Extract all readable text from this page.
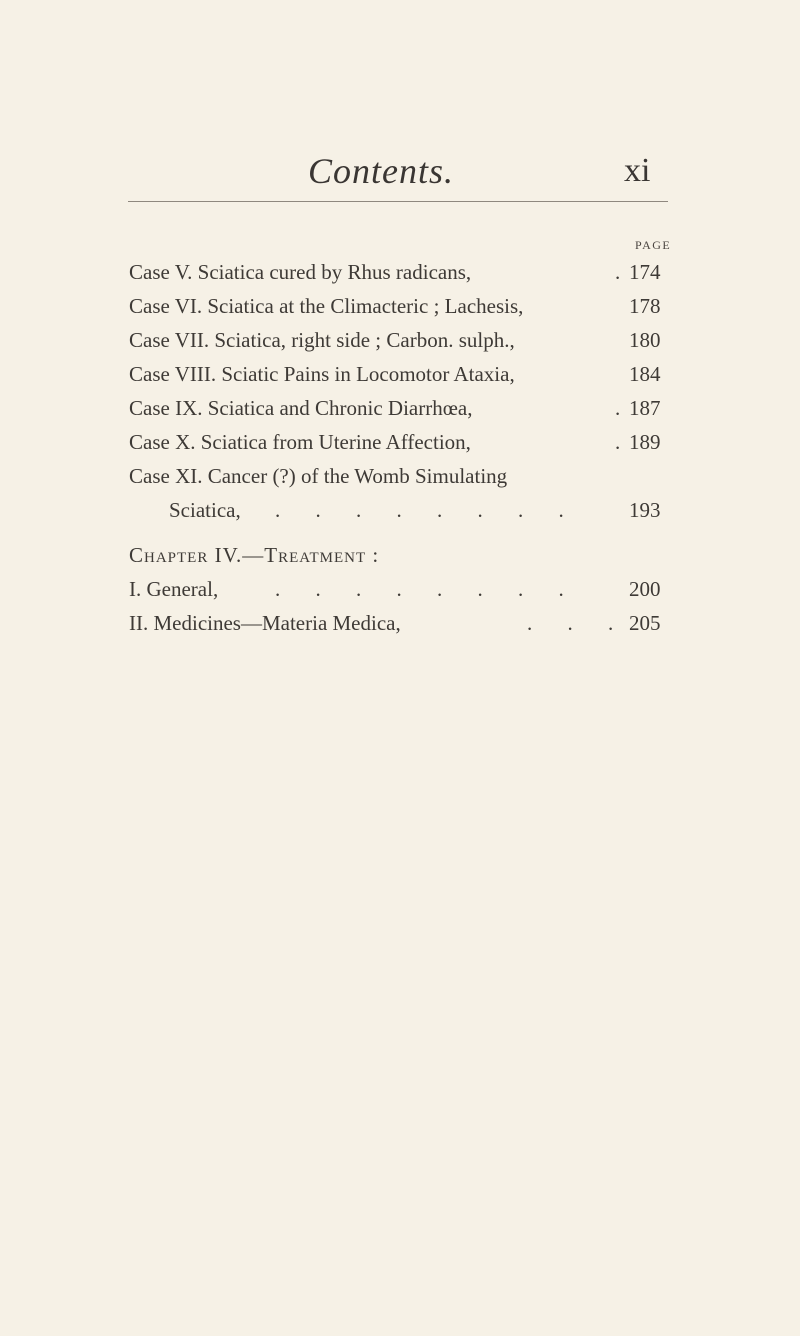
Contents.	xi
PAGE
Case V. Sciatica cured by Rhus radicans,	. 174
Case VI. Sciatica at the Climacteric ; Lachesis,	178
Case VII. Sciatica, right side ; Carbon. sulph.,	180
Case VIII. Sciatic Pains in Locomotor Ataxia,	184
Case IX. Sciatica and Chronic Diarrhœa,	. 187
Case X. Sciatica from Uterine Affection,	. 189
Case XI. Cancer (?) of the Womb Simulating
Sciatica, . . . . . . . .	193
Chapter IV.—Treatment :
I. General,	. . . . . . . .	200
II. Medicines—Materia Medica,	. . . 205
